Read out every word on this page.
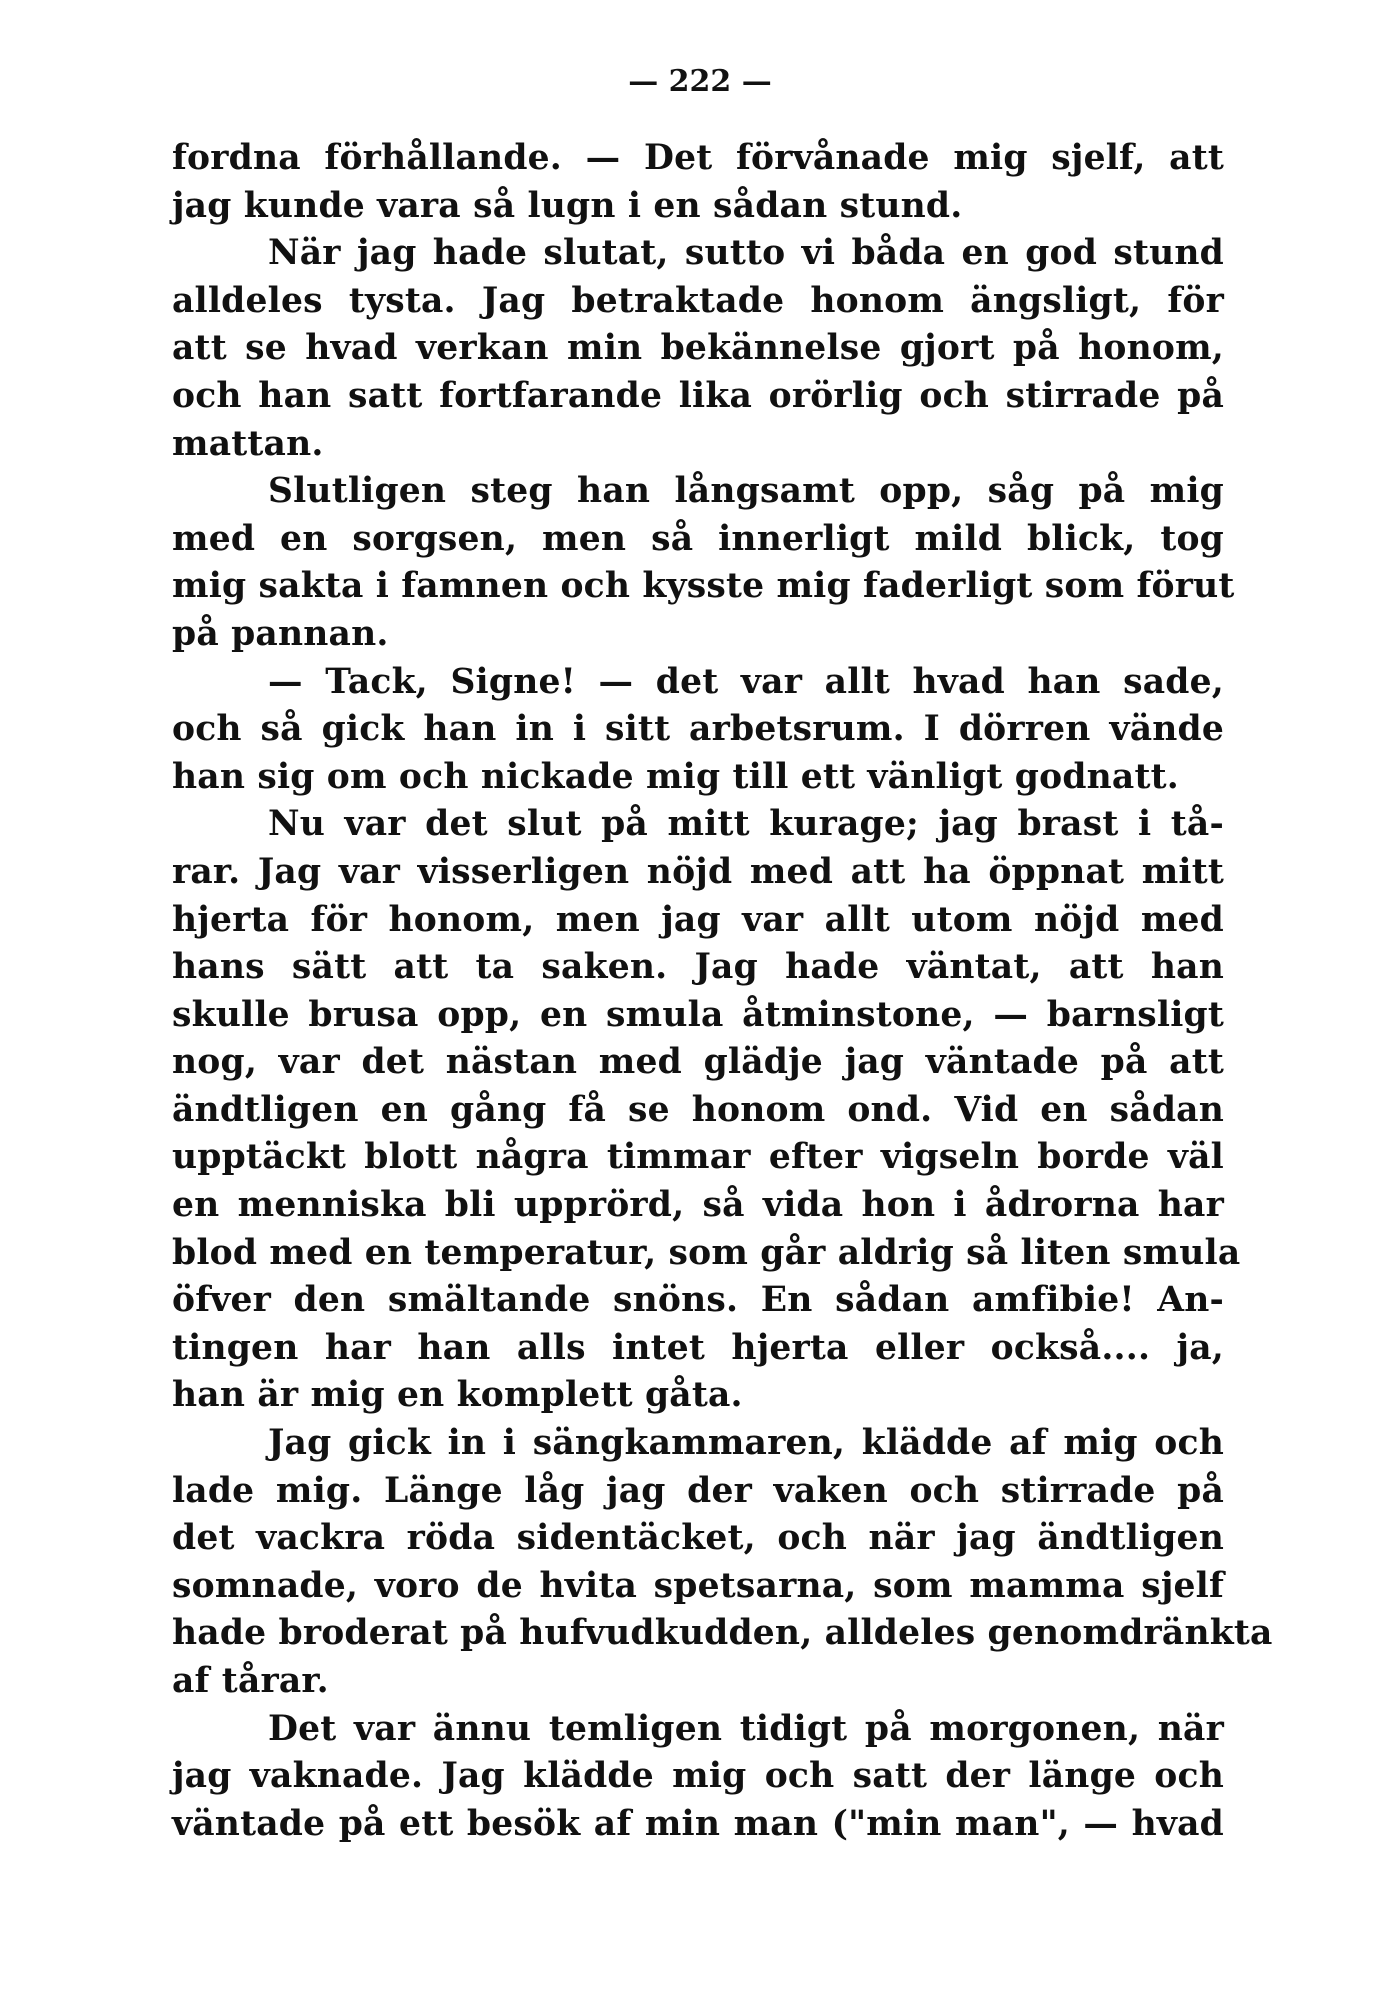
— 222 —
fordna förhållande. — Det förvånade mig sjelf, att
jag kunde vara så lugn i en sådan stund.
När jag hade slutat, sutto vi båda en god stund
alldeles tysta. Jag betraktade honom ängsligt, för
att se hvad verkan min bekännelse gjort på honom,
och han satt fortfarande lika orörlig och stirrade på
mattan.
Slutligen steg han långsamt opp, såg på mig
med en sorgsen, men så innerligt mild blick, tog
mig sakta i famnen och kysste mig faderligt som förut
på pannan.
— Tack, Signe! — det var allt hvad han sade,
och så gick han in i sitt arbetsrum. I dörren vände
han sig om och nickade mig till ett vänligt godnatt.
Nu var det slut på mitt kurage; jag brast i tå-
rar. Jag var visserligen nöjd med att ha öppnat mitt
hjerta för honom, men jag var allt utom nöjd med
hans sätt att ta saken. Jag hade väntat, att han
skulle brusa opp, en smula åtminstone, — barnsligt
nog, var det nästan med glädje jag väntade på att
ändtligen en gång få se honom ond. Vid en sådan
upptäckt blott några timmar efter vigseln borde väl
en menniska bli upprörd, så vida hon i ådrorna har
blod med en temperatur, som går aldrig så liten smula
öfver den smältande snöns. En sådan amfibie! An-
tingen har han alls intet hjerta eller också.... ja,
han är mig en komplett gåta.
Jag gick in i sängkammaren, klädde af mig och
lade mig. Länge låg jag der vaken och stirrade på
det vackra röda sidentäcket, och när jag ändtligen
somnade, voro de hvita spetsarna, som mamma sjelf
hade broderat på hufvudkudden, alldeles genomdränkta
af tårar.
Det var ännu temligen tidigt på morgonen, när
jag vaknade. Jag klädde mig och satt der länge och
väntade på ett besök af min man ("min man", — hvad
